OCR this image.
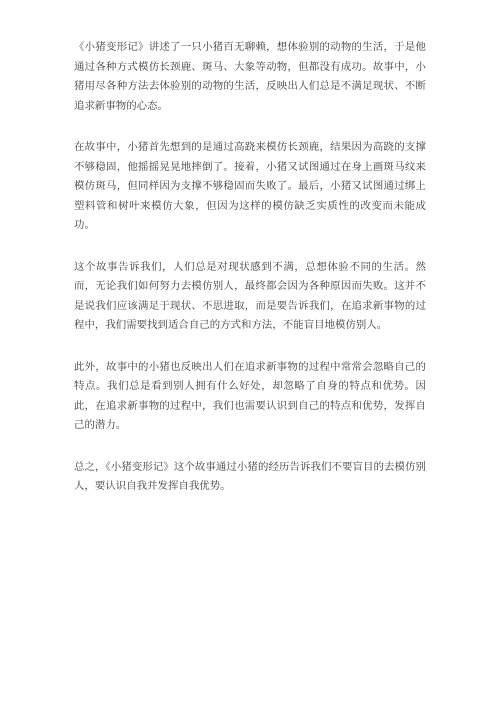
《小猪变形记》讲述了一只小猪百无聊赖，想体验别的动物的生活，于是他通过各种方式模仿长颈鹿、斑马、大象等动物，但都没有成功。故事中，小猪用尽各种方法去体验别的动物的生活，反映出人们总是不满足现状、不断追求新事物的心态。

在故事中，小猪首先想到的是通过高跷来模仿长颈鹿，结果因为高跷的支撑不够稳固，他摇摇晃晃地摔倒了。接着，小猪又试图通过在身上画斑马纹来模仿斑马，但同样因为支撑不够稳固而失败了。最后，小猪又试图通过绑上塑料管和树叶来模仿大象，但因为这样的模仿缺乏实质性的改变而未能成功。

这个故事告诉我们，人们总是对现状感到不满，总想体验不同的生活。然而，无论我们如何努力去模仿别人，最终都会因为各种原因而失败。这并不是说我们应该满足于现状、不思进取，而是要告诉我们，在追求新事物的过程中，我们需要找到适合自己的方式和方法，不能盲目地模仿别人。

此外，故事中的小猪也反映出人们在追求新事物的过程中常常会忽略自己的特点。我们总是看到别人拥有什么好处，却忽略了自身的特点和优势。因此，在追求新事物的过程中，我们也需要认识到自己的特点和优势，发挥自己的潜力。

总之，《小猪变形记》这个故事通过小猪的经历告诉我们不要盲目的去模仿别人，要认识自我并发挥自我优势。
